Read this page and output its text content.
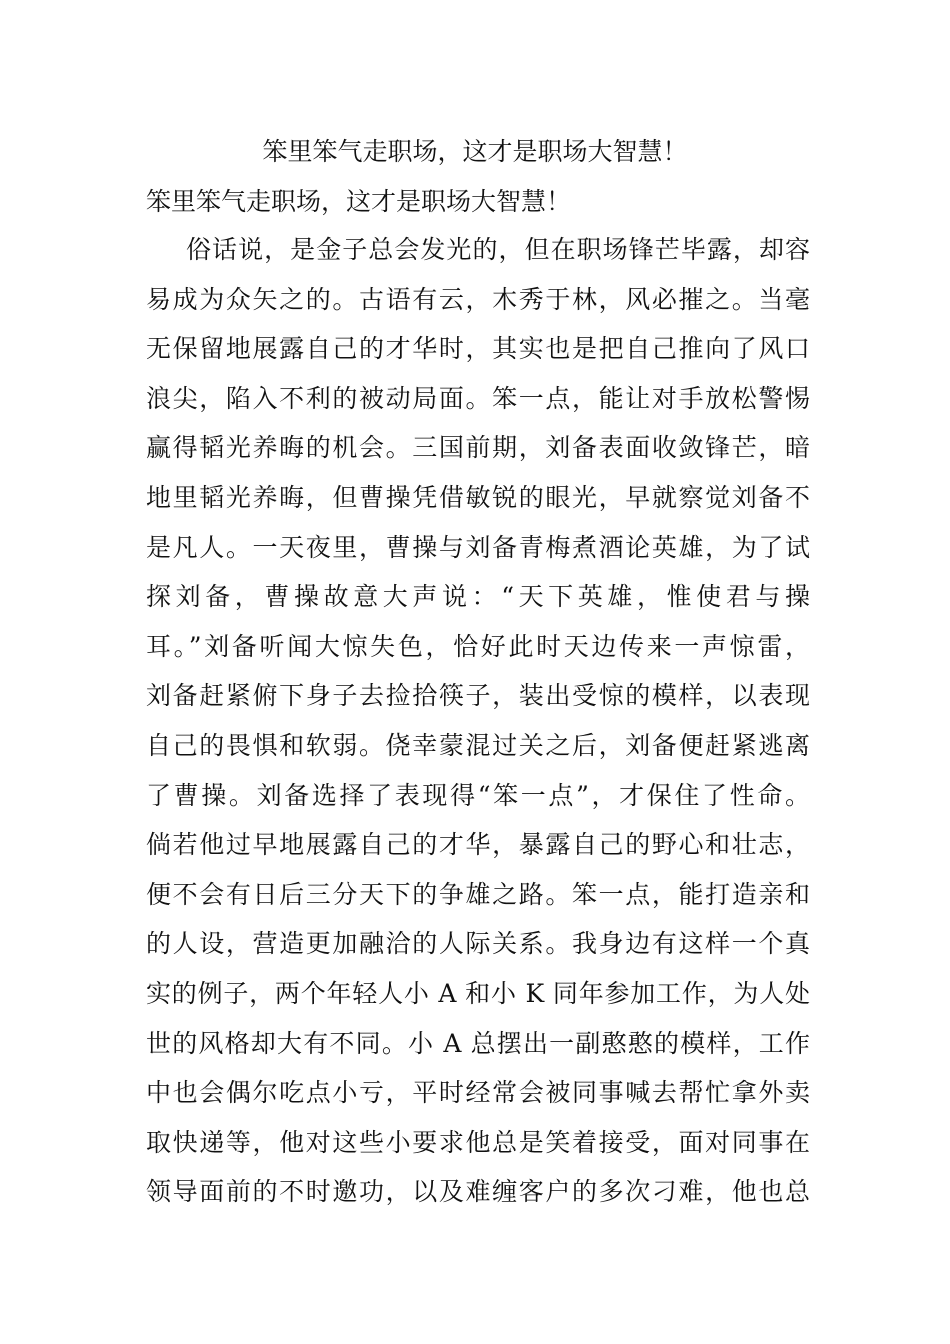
笨里笨气走职场，这才是职场大智慧！

笨里笨气走职场，这才是职场大智慧！

俗话说，是金子总会发光的，但在职场锋芒毕露，却容
易成为众矢之的。古语有云，木秀于林，风必摧之。当毫
无保留地展露自己的才华时，其实也是把自己推向了风口
浪尖，陷入不利的被动局面。笨一点，能让对手放松警惕
赢得韬光养晦的机会。三国前期，刘备表面收敛锋芒，暗
地里韬光养晦，但曹操凭借敏锐的眼光，早就察觉刘备不
是凡人。一天夜里，曹操与刘备青梅煮酒论英雄，为了试
探刘备，曹操故意大声说：“天下英雄，惟使君与操
耳。”刘备听闻大惊失色，恰好此时天边传来一声惊雷，
刘备赶紧俯下身子去捡拾筷子，装出受惊的模样，以表现
自己的畏惧和软弱。侥幸蒙混过关之后，刘备便赶紧逃离
了曹操。刘备选择了表现得“笨一点”，才保住了性命。
倘若他过早地展露自己的才华，暴露自己的野心和壮志，
便不会有日后三分天下的争雄之路。笨一点，能打造亲和
的人设，营造更加融洽的人际关系。我身边有这样一个真
实的例子，两个年轻人小 A 和小 K 同年参加工作，为人处
世的风格却大有不同。小 A 总摆出一副憨憨的模样，工作
中也会偶尔吃点小亏，平时经常会被同事喊去帮忙拿外卖
取快递等，他对这些小要求他总是笑着接受，面对同事在
领导面前的不时邀功，以及难缠客户的多次刁难，他也总
